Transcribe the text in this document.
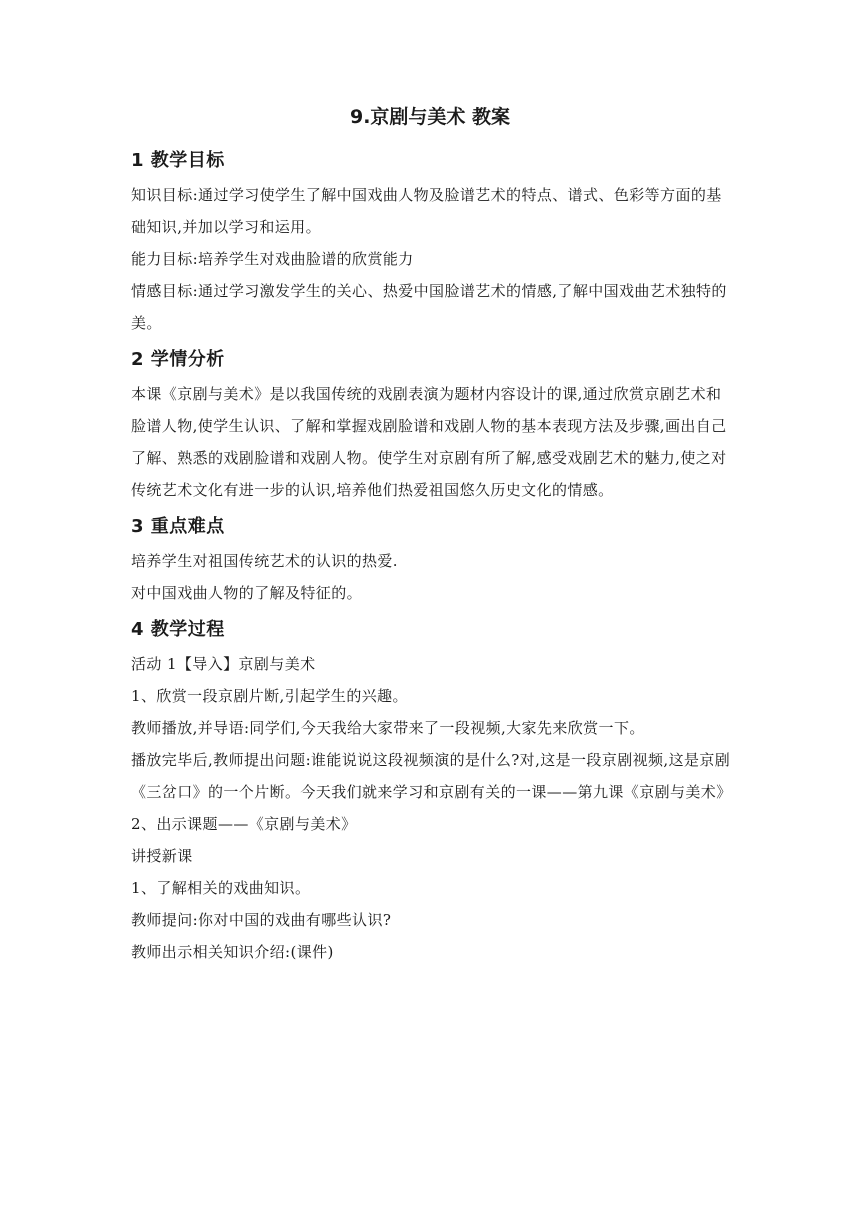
9.京剧与美术 教案
1 教学目标

知识目标:通过学习使学生了解中国戏曲人物及脸谱艺术的特点、谱式、色彩等方面的基础知识,并加以学习和运用。

能力目标:培养学生对戏曲脸谱的欣赏能力

情感目标:通过学习激发学生的关心、热爱中国脸谱艺术的情感,了解中国戏曲艺术独特的美。

2 学情分析

本课《京剧与美术》是以我国传统的戏剧表演为题材内容设计的课,通过欣赏京剧艺术和脸谱人物,使学生认识、了解和掌握戏剧脸谱和戏剧人物的基本表现方法及步骤,画出自己了解、熟悉的戏剧脸谱和戏剧人物。使学生对京剧有所了解,感受戏剧艺术的魅力,使之对传统艺术文化有进一步的认识,培养他们热爱祖国悠久历史文化的情感。

3 重点难点

培养学生对祖国传统艺术的认识的热爱.

对中国戏曲人物的了解及特征的。

4 教学过程

活动 1【导入】京剧与美术

1、欣赏一段京剧片断,引起学生的兴趣。

教师播放,并导语:同学们,今天我给大家带来了一段视频,大家先来欣赏一下。

播放完毕后,教师提出问题:谁能说说这段视频演的是什么?对,这是一段京剧视频,这是京剧《三岔口》的一个片断。今天我们就来学习和京剧有关的一课——第九课《京剧与美术》

2、出示课题——《京剧与美术》

讲授新课

1、了解相关的戏曲知识。

教师提问:你对中国的戏曲有哪些认识?

教师出示相关知识介绍:(课件)
